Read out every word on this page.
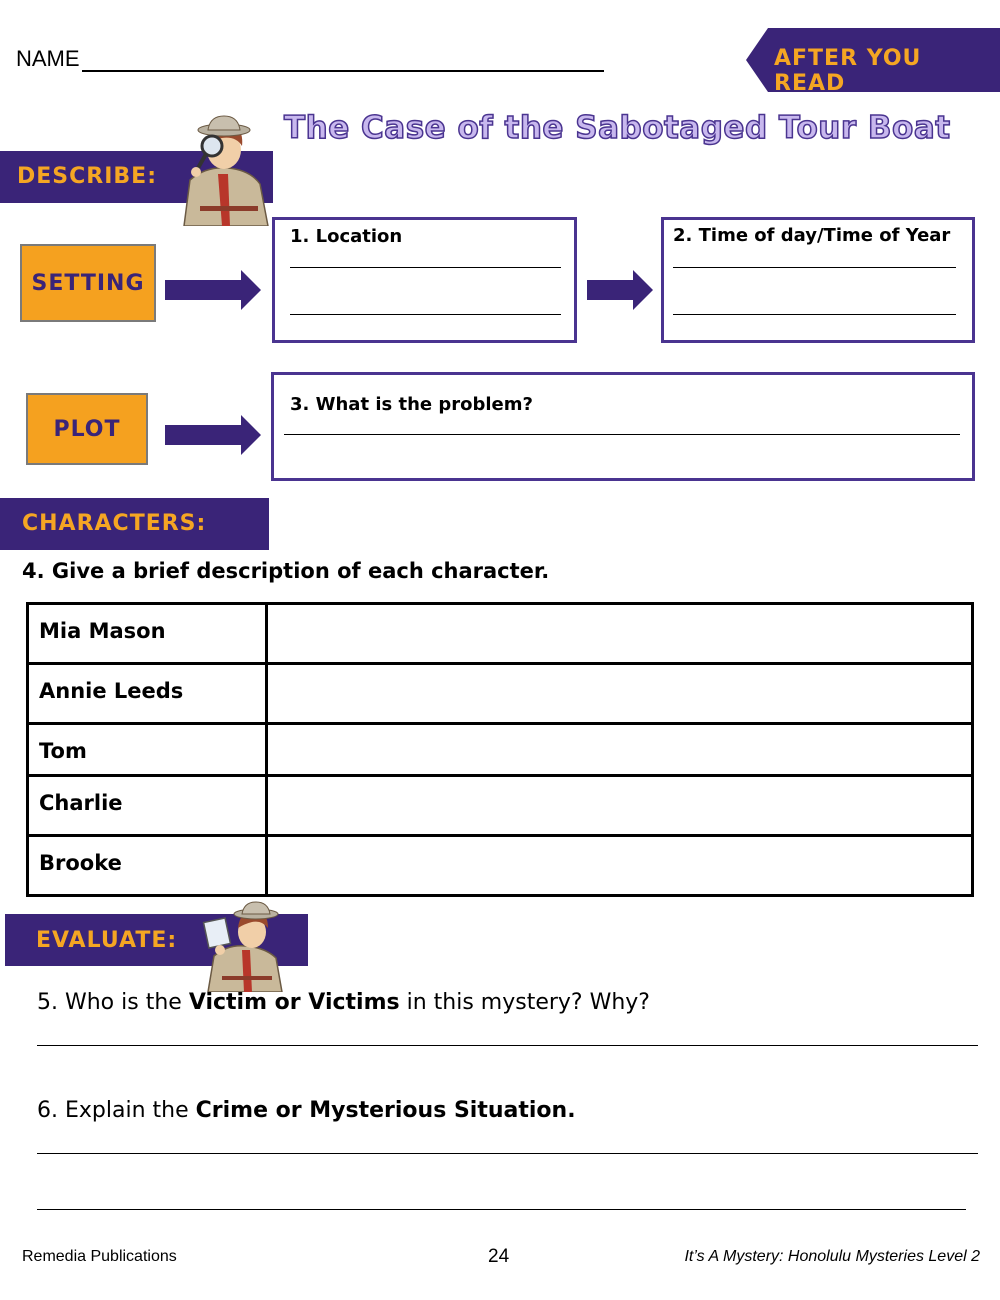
NAME	AFTER YOU READ
The Case of the Sabotaged Tour Boat
DESCRIBE:
SETTING
1. Location	2. Time of day/Time of Year
PLOT
3. What is the problem?
CHARACTERS:
4. Give a brief description of each character.
Mia Mason	
Annie Leeds	
Tom	
Charlie	
Brooke	
EVALUATE:
5. Who is the Victim or Victims in this mystery? Why?
6. Explain the Crime or Mysterious Situation.
Remedia Publications	24	It’s A Mystery: Honolulu Mysteries Level 2
